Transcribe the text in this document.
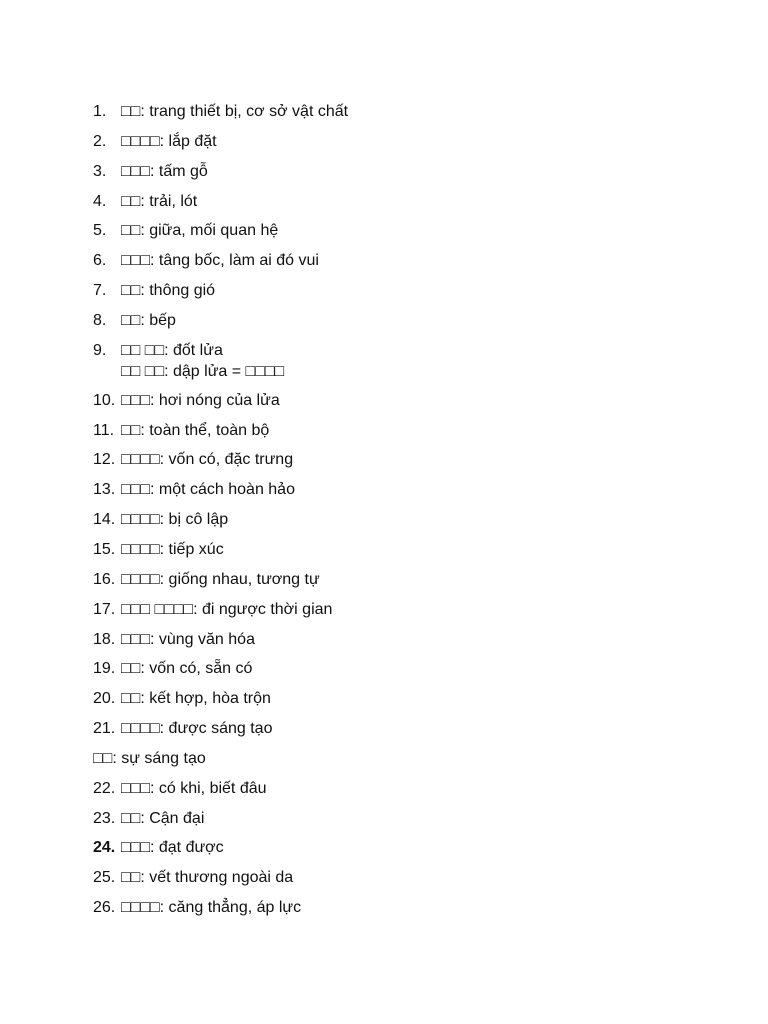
1. □□: trang thiết bị, cơ sở vật chất
2. □□□□: lắp đặt
3. □□□: tấm gỗ
4. □□: trải, lót
5. □□: giữa, mối quan hệ
6. □□□: tâng bốc, làm ai đó vui
7. □□: thông gió
8. □□: bếp
9. □□ □□: đốt lửa
□□ □□: dập lửa = □□□□
10. □□□: hơi nóng của lửa
11. □□: toàn thể, toàn bộ
12. □□□□: vốn có, đặc trưng
13. □□□: một cách hoàn hảo
14. □□□□: bị cô lập
15. □□□□: tiếp xúc
16. □□□□: giống nhau, tương tự
17. □□□ □□□□: đi ngược thời gian
18. □□□: vùng văn hóa
19. □□: vốn có, sẵn có
20. □□: kết hợp, hòa trộn
21. □□□□: được sáng tạo
□□: sự sáng tạo
22. □□□: có khi, biết đâu
23. □□: Cận đại
24. □□□: đạt được
25. □□: vết thương ngoài da
26. □□□□: căng thẳng, áp lực
